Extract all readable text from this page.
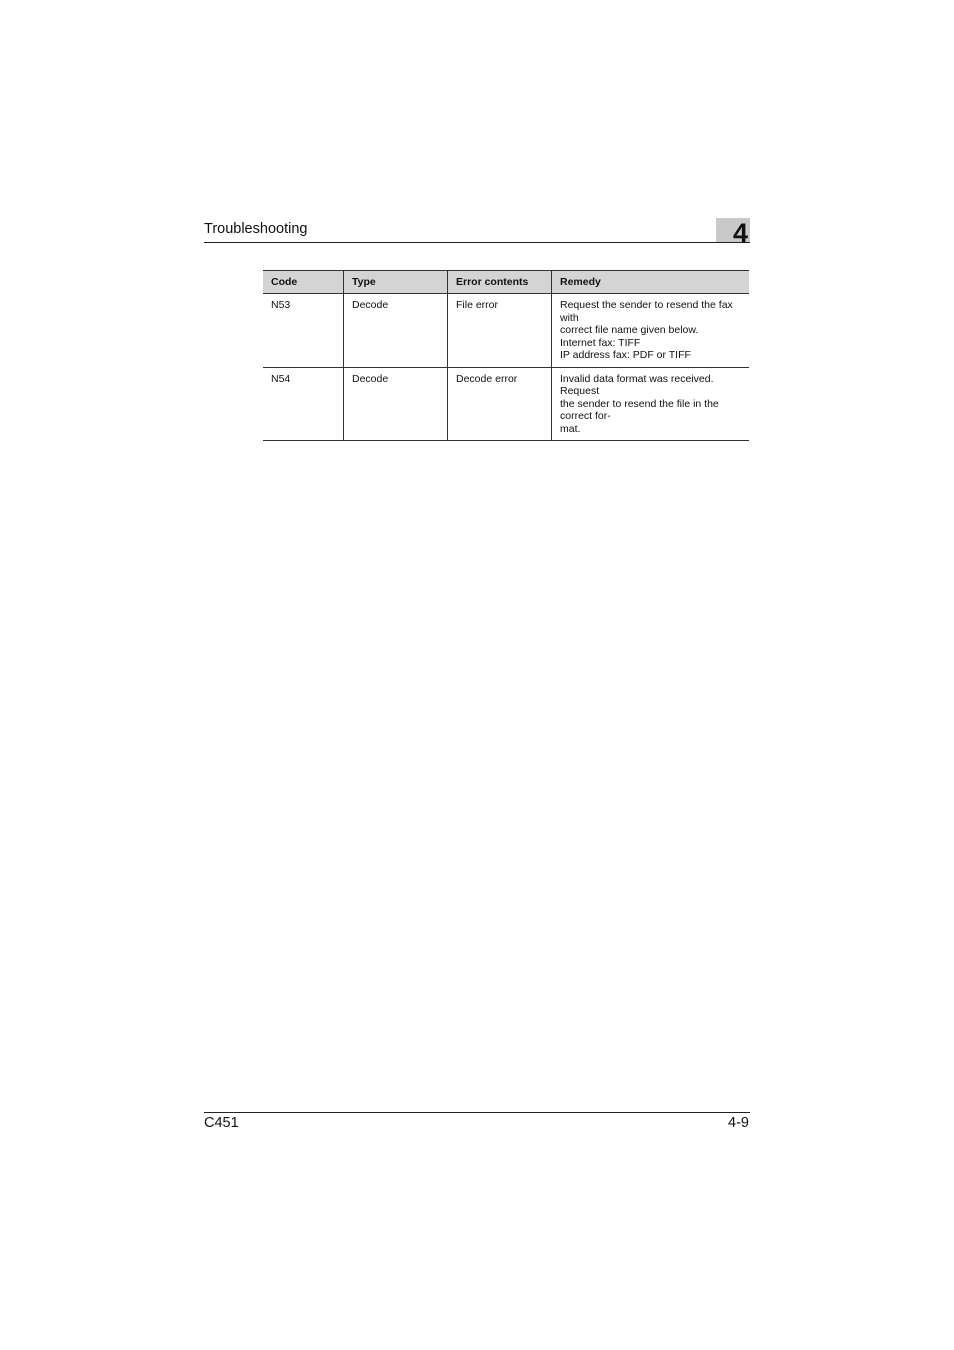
Troubleshooting	4
Code	Type	Error contents	Remedy
N53	Decode	File error	Request the sender to resend the fax with
correct file name given below.
Internet fax: TIFF
IP address fax: PDF or TIFF

N54	Decode	Decode error	Invalid data format was received. Request
the sender to resend the file in the correct for-
mat.
C451	4-9
